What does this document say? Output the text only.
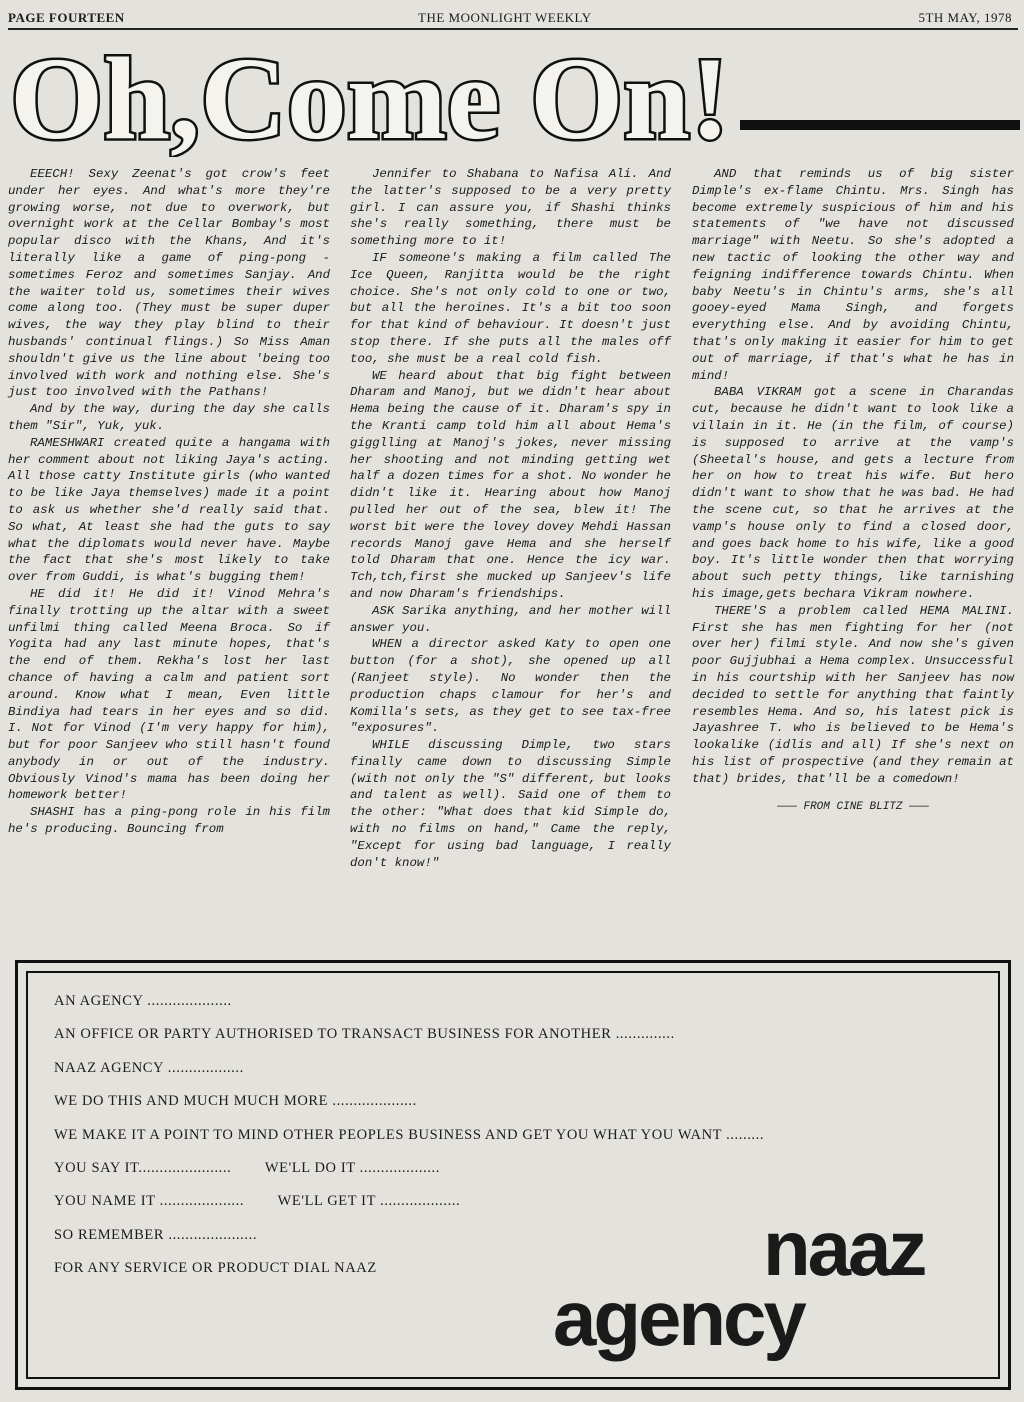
PAGE FOURTEEN	THE MOONLIGHT WEEKLY	5TH MAY, 1978
Oh,Come On!

EEECH! Sexy Zeenat's got crow's feet under her eyes. And what's more they're growing worse, not due to overwork, but overnight work at the Cellar Bombay's most popular disco with the Khans, And it's literally like a game of ping-pong - sometimes Feroz and sometimes Sanjay. And the waiter told us, sometimes their wives come along too. (They must be super duper wives, the way they play blind to their husbands' continual flings.) So Miss Aman shouldn't give us the line about 'being too involved with work and nothing else. She's just too involved with the Pathans!

And by the way, during the day she calls them "Sir", Yuk, yuk.

RAMESHWARI created quite a hangama with her comment about not liking Jaya's acting. All those catty Institute girls (who wanted to be like Jaya themselves) made it a point to ask us whether she'd really said that. So what, At least she had the guts to say what the diplomats would never have. Maybe the fact that she's most likely to take over from Guddi, is what's bugging them!

HE did it! He did it! Vinod Mehra's finally trotting up the altar with a sweet unfilmi thing called Meena Broca. So if Yogita had any last minute hopes, that's the end of them. Rekha's lost her last chance of having a calm and patient sort around. Know what I mean, Even little Bindiya had tears in her eyes and so did. I. Not for Vinod (I'm very happy for him), but for poor Sanjeev who still hasn't found anybody in or out of the industry. Obviously Vinod's mama has been doing her homework better!

SHASHI has a ping-pong role in his film he's producing. Bouncing from

Jennifer to Shabana to Nafisa Ali. And the latter's supposed to be a very pretty girl. I can assure you, if Shashi thinks she's really something, there must be something more to it!

IF someone's making a film called The Ice Queen, Ranjitta would be the right choice. She's not only cold to one or two, but all the heroines. It's a bit too soon for that kind of behaviour. It doesn't just stop there. If she puts all the males off too, she must be a real cold fish.

WE heard about that big fight between Dharam and Manoj, but we didn't hear about Hema being the cause of it. Dharam's spy in the Kranti camp told him all about Hema's gigglling at Manoj's jokes, never missing her shooting and not minding getting wet half a dozen times for a shot. No wonder he didn't like it. Hearing about how Manoj pulled her out of the sea, blew it! The worst bit were the lovey dovey Mehdi Hassan records Manoj gave Hema and she herself told Dharam that one. Hence the icy war. Tch,tch,first she mucked up Sanjeev's life and now Dharam's friendships.

ASK Sarika anything, and her mother will answer you.

WHEN a director asked Katy to open one button (for a shot), she opened up all (Ranjeet style). No wonder then the production chaps clamour for her's and Komilla's sets, as they get to see tax-free "exposures".

WHILE discussing Dimple, two stars finally came down to discussing Simple (with not only the "S" different, but looks and talent as well). Said one of them to the other: "What does that kid Simple do, with no films on hand," Came the reply, "Except for using bad language, I really don't know!"

AND that reminds us of big sister Dimple's ex-flame Chintu. Mrs. Singh has become extremely suspicious of him and his statements of "we have not discussed marriage" with Neetu. So she's adopted a new tactic of looking the other way and feigning indifference towards Chintu. When baby Neetu's in Chintu's arms, she's all gooey-eyed Mama Singh, and forgets everything else. And by avoiding Chintu, that's only making it easier for him to get out of marriage, if that's what he has in mind!

BABA VIKRAM got a scene in Charandas cut, because he didn't want to look like a villain in it. He (in the film, of course) is supposed to arrive at the vamp's (Sheetal's house, and gets a lecture from her on how to treat his wife. But hero didn't want to show that he was bad. He had the scene cut, so that he arrives at the vamp's house only to find a closed door, and goes back home to his wife, like a good boy. It's little wonder then that worrying about such petty things, like tarnishing his image,gets bechara Vikram nowhere.

THERE'S a problem called HEMA MALINI. First she has men fighting for her (not over her) filmi style. And now she's given poor Gujjubhai a Hema complex. Unsuccessful in his courtship with her Sanjeev has now decided to settle for anything that faintly resembles Hema. And so, his latest pick is Jayashree T. who is believed to be Hema's lookalike (idlis and all) If she's next on his list of prospective (and they remain at that) brides, that'll be a comedown!

——— FROM CINE BLITZ ———

AN AGENCY ....................
AN OFFICE OR PARTY AUTHORISED TO TRANSACT BUSINESS FOR ANOTHER ..............
NAAZ AGENCY ..................
WE DO THIS AND MUCH MUCH MORE ....................
WE MAKE IT A POINT TO MIND OTHER PEOPLES BUSINESS AND GET YOU WHAT YOU WANT .........
YOU SAY IT......................        WE'LL DO IT ...................
YOU NAME IT ....................        WE'LL GET IT ...................
SO REMEMBER .....................
FOR ANY SERVICE OR PRODUCT DIAL NAAZ	naaz
agency
